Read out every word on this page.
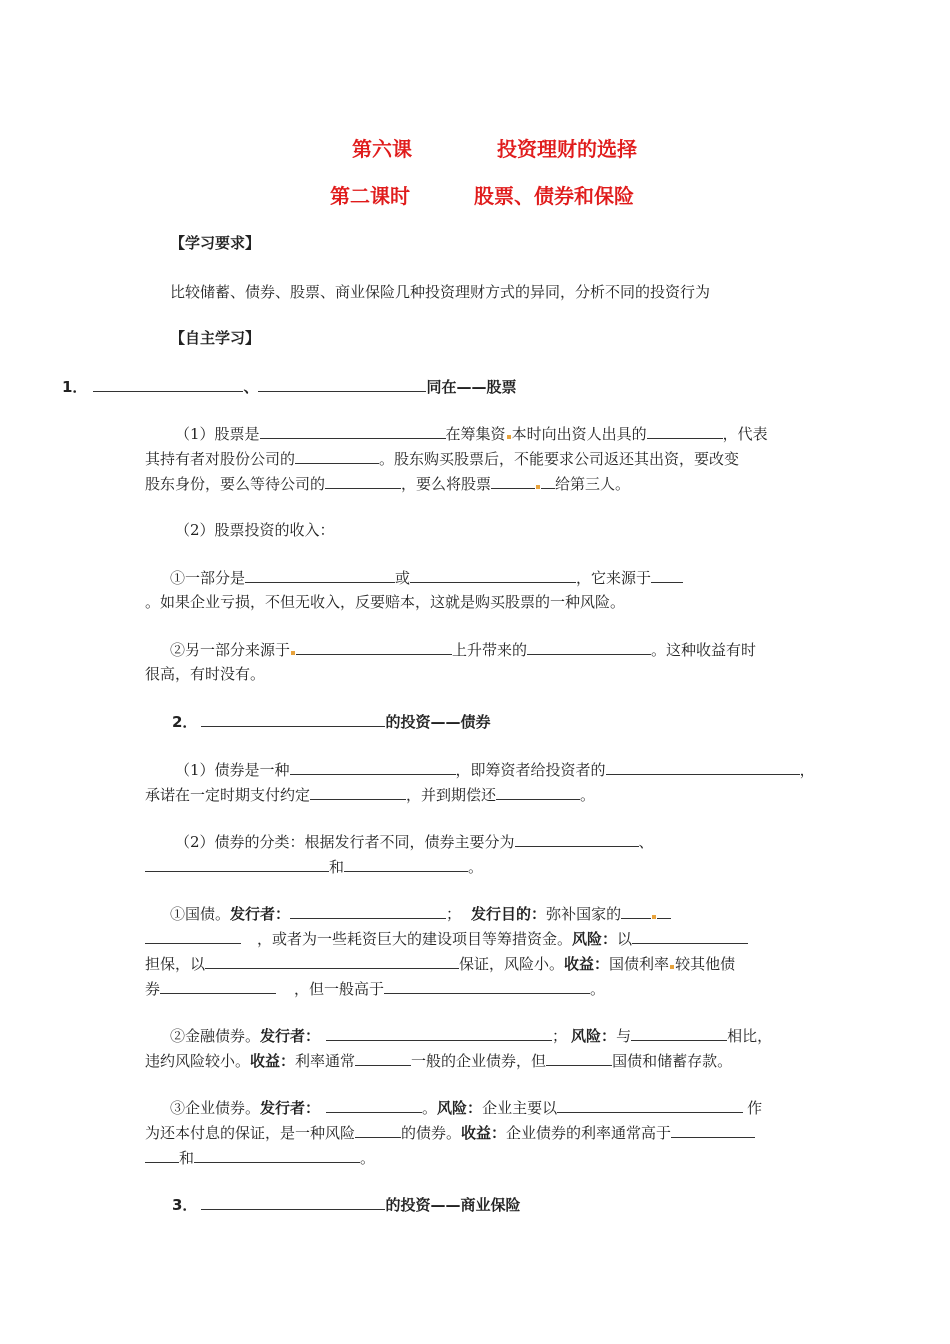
第六课	投资理财的选择
第二课时	股票、债券和保险
【学习要求】
比较储蓄、债券、股票、商业保险几种投资理财方式的异同，分析不同的投资行为
【自主学习】
1．	、	同在——股票
（1）股票是	在筹集资 本时向出资人出具的	，代表
其持有者对股份公司的	。股东购买股票后，不能要求公司返还其出资，要改变
股东身份，要么等待公司的	，要么将股票	给第三人。
（2）股票投资的收入：
①一部分是	或	，它来源于
。如果企业亏损，不但无收入，反要赔本，这就是购买股票的一种风险。
②另一部分来源于	上升带来的	。这种收益有时
很高，有时没有。
2．	的投资——债券
（1）债券是一种	，即筹资者给投资者的	，
承诺在一定时期支付约定	，并到期偿还	。
（2）债券的分类：根据发行者不同，债券主要分为	、
和	。
①国债。发行者：	； 发行目的：弥补国家的
，或者为一些耗资巨大的建设项目等筹措资金。风险：以
担保，以	保证，风险小。收益：国债利率 较其他债
券	，但一般高于	。
②金融债券。发行者：	； 风险：与	相比，
违约风险较小。收益：利率通常	一般的企业债券，但	国债和储蓄存款。
③企业债券。发行者：	。风险：企业主要以	作
为还本付息的保证，是一种风险	的债券。收益：企业债券的利率通常高于
和	。
3．	的投资——商业保险
